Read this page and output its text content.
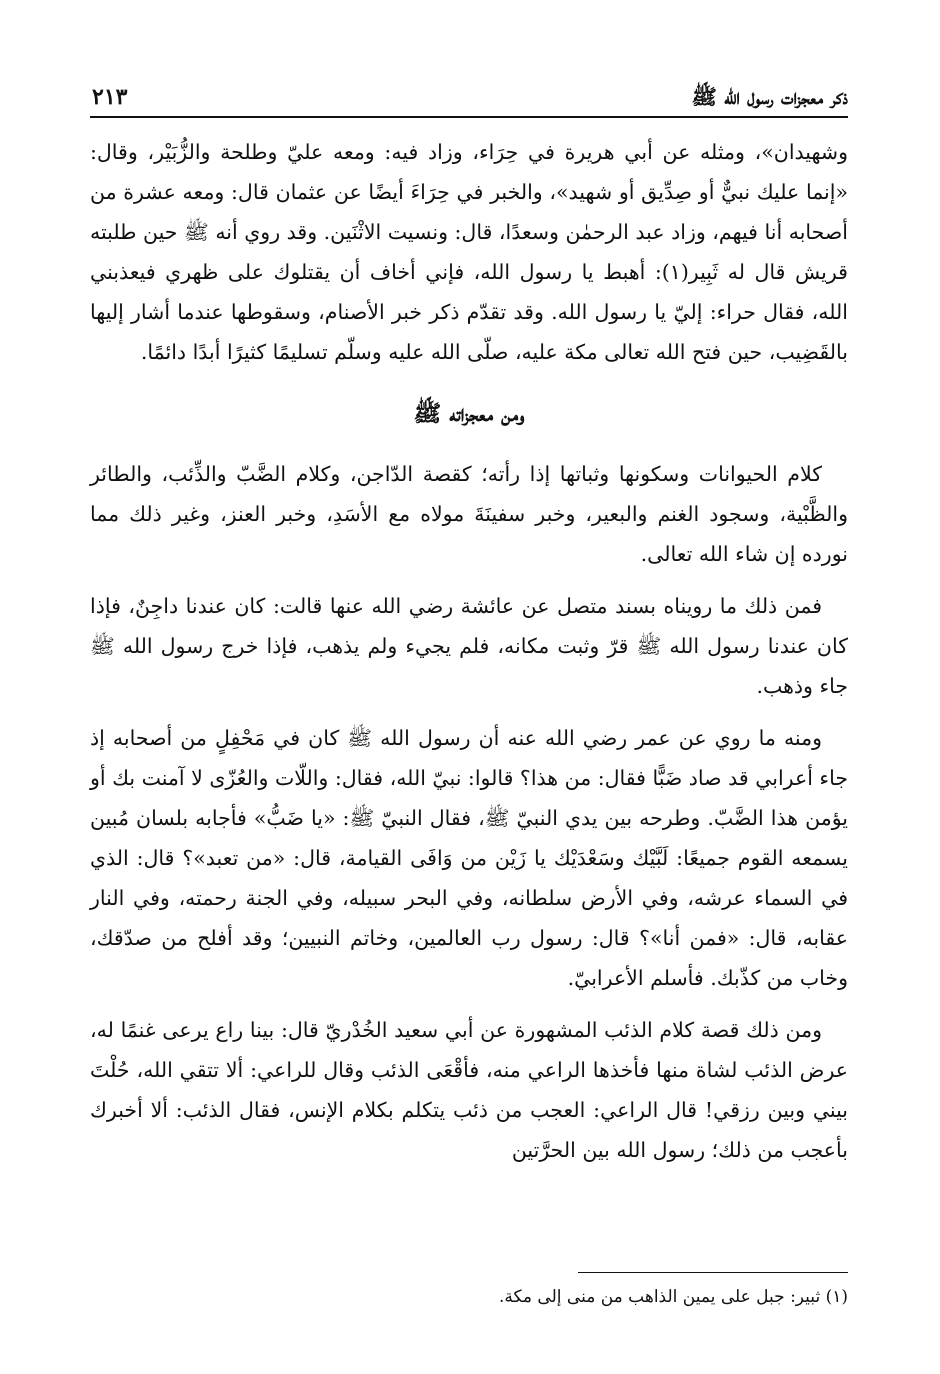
ذكر معجزات رسول الله ﷺ
٢١٣

وشهيدان»، ومثله عن أبي هريرة في حِرَاء، وزاد فيه: ومعه عليّ وطلحة والزُّبَيْر، وقال: «إنما عليك نبيٌّ أو صِدِّيق أو شهيد»، والخبر في حِرَاءَ أيضًا عن عثمان قال: ومعه عشرة من أصحابه أنا فيهم، وزاد عبد الرحمٰن وسعدًا، قال: ونسيت الاثْنَين. وقد روي أنه ﷺ حين طلبته قريش قال له ثَبِير(١): أهبط يا رسول الله، فإني أخاف أن يقتلوك على ظهري فيعذبني الله، فقال حراء: إليّ يا رسول الله. وقد تقدّم ذكر خبر الأصنام، وسقوطها عندما أشار إليها بالقَضِيب، حين فتح الله تعالى مكة عليه، صلّى الله عليه وسلّم تسليمًا كثيرًا أبدًا دائمًا.

ومن معجزاته ﷺ

كلام الحيوانات وسكونها وثباتها إذا رأته؛ كقصة الدّاجن، وكلام الضَّبّ والذِّئب، والطائر والظَّبْية، وسجود الغنم والبعير، وخبر سفينَةَ مولاه مع الأسَدِ، وخبر العنز، وغير ذلك مما نورده إن شاء الله تعالى.

فمن ذلك ما رويناه بسند متصل عن عائشة رضي الله عنها قالت: كان عندنا داجِنٌ، فإذا كان عندنا رسول الله ﷺ قرّ وثبت مكانه، فلم يجيء ولم يذهب، فإذا خرج رسول الله ﷺ جاء وذهب.

ومنه ما روي عن عمر رضي الله عنه أن رسول الله ﷺ كان في مَحْفِلٍ من أصحابه إذ جاء أعرابي قد صاد ضَبًّا فقال: من هذا؟ قالوا: نبيّ الله، فقال: واللّات والعُزّى لا آمنت بك أو يؤمن هذا الضَّبّ. وطرحه بين يدي النبيّ ﷺ، فقال النبيّ ﷺ: «يا ضَبُّ» فأجابه بلسان مُبين يسمعه القوم جميعًا: لَبَّيْك وسَعْدَيْك يا زَيْن من وَافَى القيامة، قال: «من تعبد»؟ قال: الذي في السماء عرشه، وفي الأرض سلطانه، وفي البحر سبيله، وفي الجنة رحمته، وفي النار عقابه، قال: «فمن أنا»؟ قال: رسول رب العالمين، وخاتم النبيين؛ وقد أفلح من صدّقك، وخاب من كذّبك. فأسلم الأعرابيّ.

ومن ذلك قصة كلام الذئب المشهورة عن أبي سعيد الخُدْريّ قال: بينا راع يرعى غنمًا له، عرض الذئب لشاة منها فأخذها الراعي منه، فأقْعَى الذئب وقال للراعي: ألا تتقي الله، حُلْتَ بيني وبين رزقي! قال الراعي: العجب من ذئب يتكلم بكلام الإنس، فقال الذئب: ألا أخبرك بأعجب من ذلك؛ رسول الله بين الحرَّتين

(١) ثبير: جبل على يمين الذاهب من منى إلى مكة.
